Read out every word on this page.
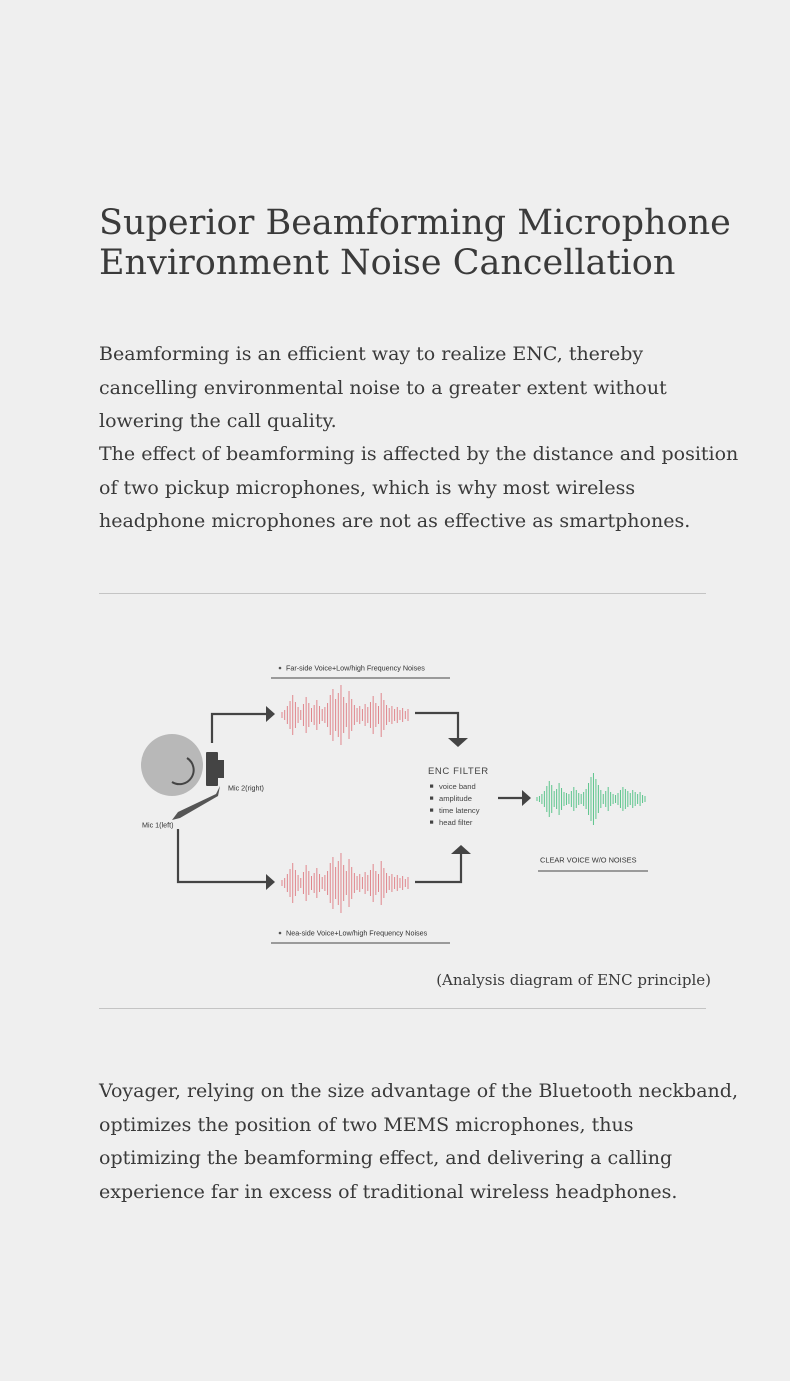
Superior Beamforming Microphone
Environment Noise Cancellation

Beamforming is an efficient way to realize ENC, thereby cancelling environmental noise to a greater extent without lowering the call quality.

The effect of beamforming is affected by the distance and position of two pickup microphones, which is why most wireless headphone microphones are not as effective as smartphones.

Far-side Voice+Low/high Frequency Noises
Mic 2(right)
Mic 1(left)
ENC FILTER
voice band
amplitude
time latency
head filter
CLEAR VOICE W/O NOISES
Nea-side Voice+Low/high Frequency Noises
(Analysis diagram of ENC principle)

Voyager, relying on the size advantage of the Bluetooth neckband, optimizes the position of two MEMS microphones, thus optimizing the beamforming effect, and delivering a calling experience far in excess of traditional wireless headphones.
